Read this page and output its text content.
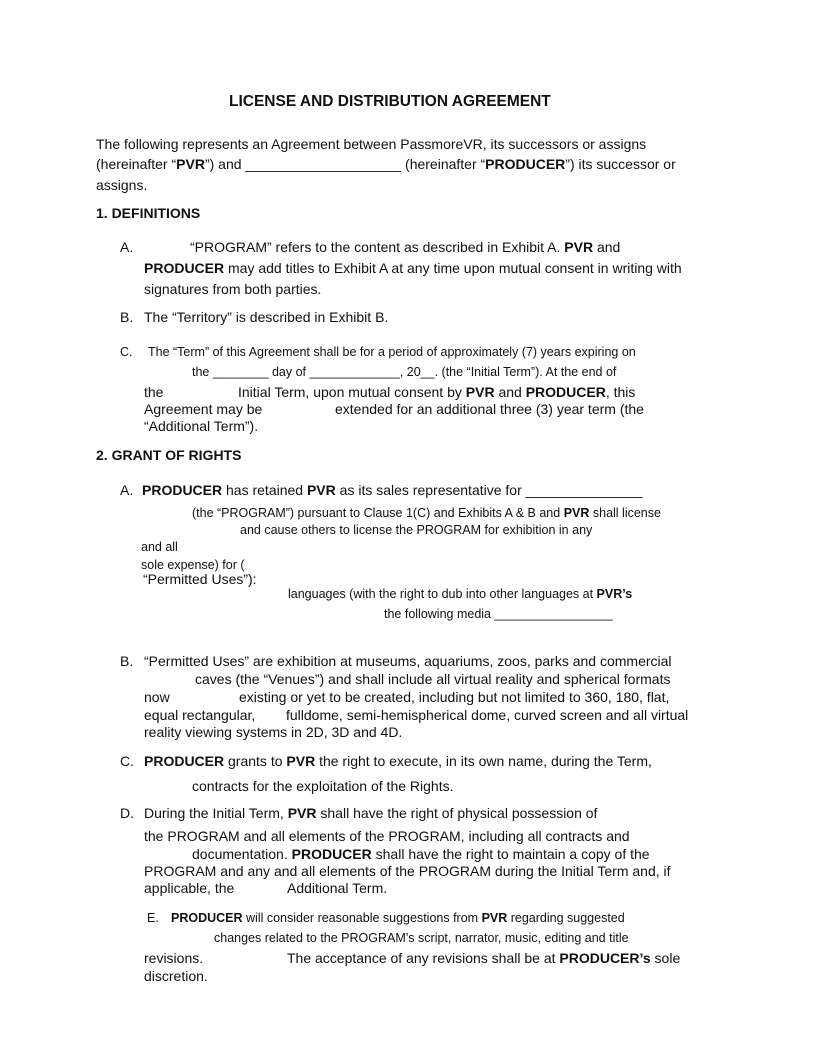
LICENSE AND DISTRIBUTION AGREEMENT
The following represents an Agreement between PassmoreVR, its successors or assigns
(hereinafter “PVR”) and ____________________ (hereinafter “PRODUCER”) its successor or
assigns.
1. DEFINITIONS
A.	“PROGRAM” refers to the content as described in Exhibit A. PVR and
PRODUCER may add titles to Exhibit A at any time upon mutual consent in writing with
signatures from both parties.
B. The “Territory” is described in Exhibit B.
C. The “Term” of this Agreement shall be for a period of approximately (7) years expiring on
the ________ day of _____________, 20__. (the “Initial Term”). At the end of
the	Initial Term, upon mutual consent by PVR and PRODUCER, this
Agreement may be	extended for an additional three (3) year term (the
“Additional Term”).
2. GRANT OF RIGHTS
A. PRODUCER has retained PVR as its sales representative for _______________
(the “PROGRAM”) pursuant to Clause 1(C) and Exhibits A & B and PVR shall license
and cause others to license the PROGRAM for exhibition in any
and all
sole expense) for (
“Permitted Uses”):
languages (with the right to dub into other languages at PVR’s
the following media _________________
B. “Permitted Uses” are exhibition at museums, aquariums, zoos, parks and commercial
caves (the “Venues”) and shall include all virtual reality and spherical formats
now	existing or yet to be created, including but not limited to 360, 180, flat,
equal rectangular, fulldome, semi-hemispherical dome, curved screen and all virtual
reality viewing systems in 2D, 3D and 4D.
C. PRODUCER grants to PVR the right to execute, in its own name, during the Term,
contracts for the exploitation of the Rights.
D. During the Initial Term, PVR shall have the right of physical possession of
the PROGRAM and all elements of the PROGRAM, including all contracts and
documentation. PRODUCER shall have the right to maintain a copy of the
PROGRAM and any and all elements of the PROGRAM during the Initial Term and, if
applicable, the	Additional Term.
E. PRODUCER will consider reasonable suggestions from PVR regarding suggested
changes related to the PROGRAM’s script, narrator, music, editing and title
revisions.	The acceptance of any revisions shall be at PRODUCER’s sole
discretion.
